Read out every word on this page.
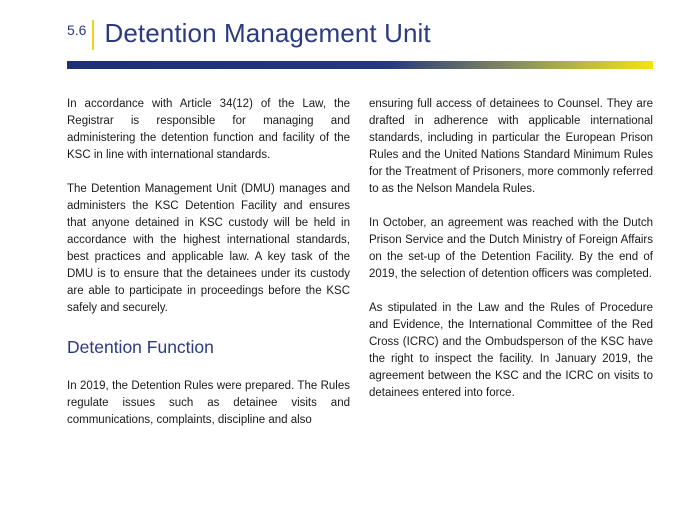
5.6 Detention Management Unit

In accordance with Article 34(12) of the Law, the Registrar is responsible for managing and administering the detention function and facility of the KSC in line with international standards.

The Detention Management Unit (DMU) manages and administers the KSC Detention Facility and ensures that anyone detained in KSC custody will be held in accordance with the highest international standards, best practices and applicable law. A key task of the DMU is to ensure that the detainees under its custody are able to participate in proceedings before the KSC safely and securely.

Detention Function

In 2019, the Detention Rules were prepared. The Rules regulate issues such as detainee visits and communications, complaints, discipline and also

ensuring full access of detainees to Counsel. They are drafted in adherence with applicable international standards, including in particular the European Prison Rules and the United Nations Standard Minimum Rules for the Treatment of Prisoners, more commonly referred to as the Nelson Mandela Rules.

In October, an agreement was reached with the Dutch Prison Service and the Dutch Ministry of Foreign Affairs on the set-up of the Detention Facility. By the end of 2019, the selection of detention officers was completed.

As stipulated in the Law and the Rules of Procedure and Evidence, the International Committee of the Red Cross (ICRC) and the Ombudsperson of the KSC have the right to inspect the facility. In January 2019, the agreement between the KSC and the ICRC on visits to detainees entered into force.
